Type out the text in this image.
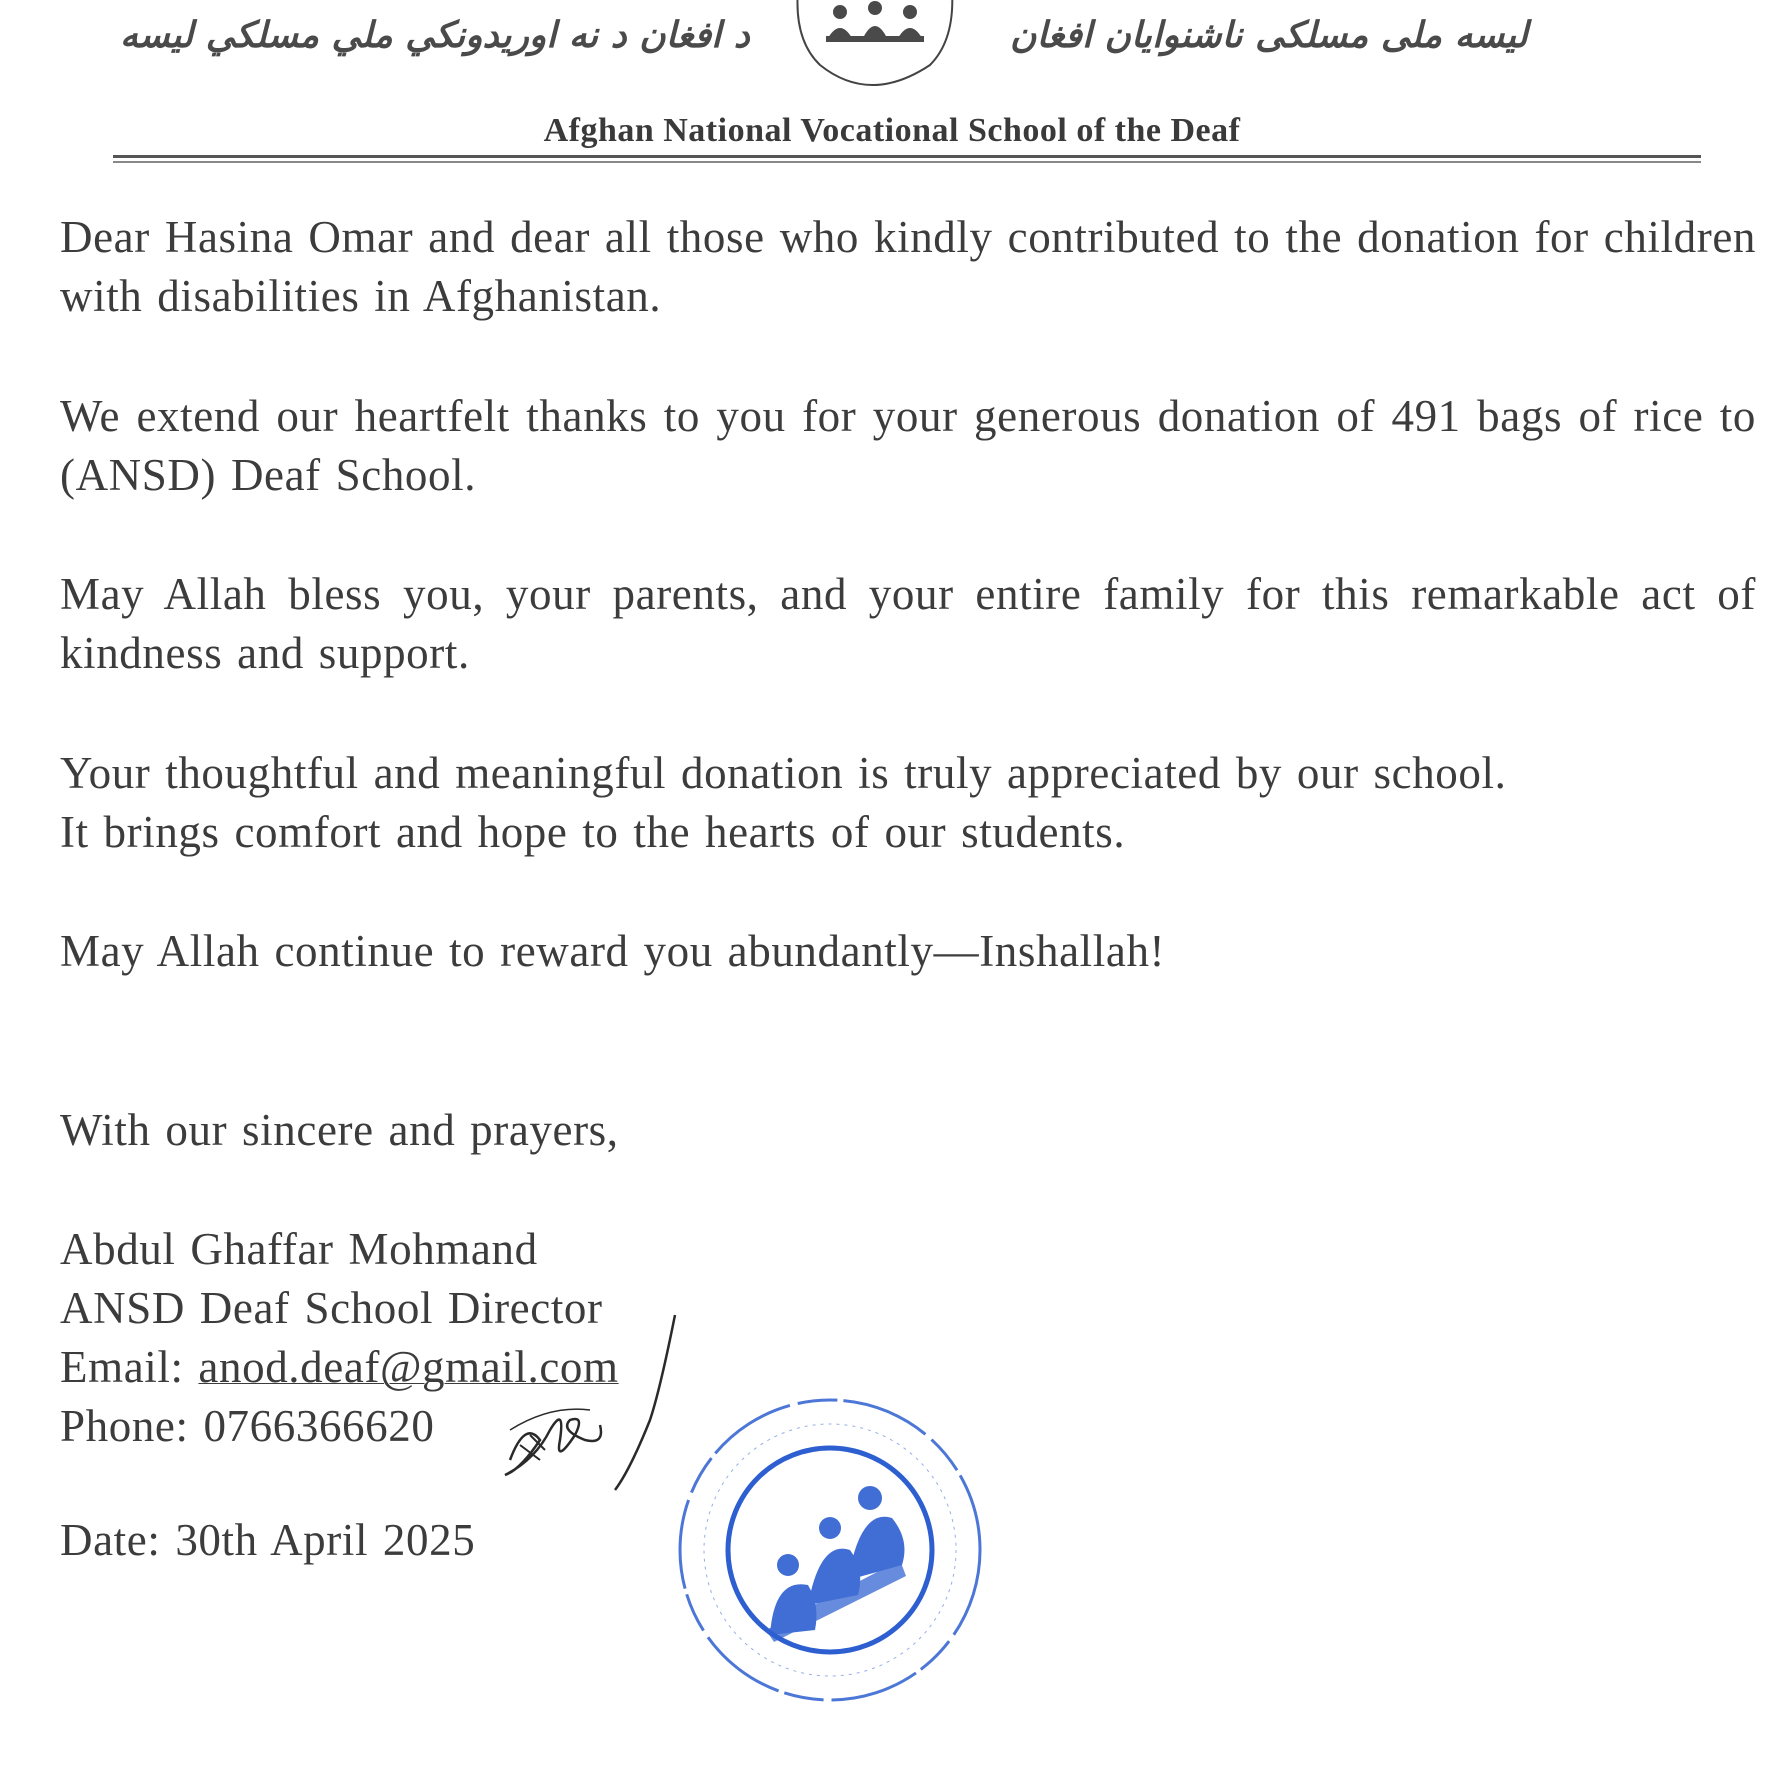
د افغان د نه اوریدونکي ملي مسلکي لیسه	لیسه ملی مسلکی ناشنوایان افغان
Afghan National Vocational School of the Deaf

Dear Hasina Omar and dear all those who kindly contributed to the donation for children with disabilities in Afghanistan.

We extend our heartfelt thanks to you for your generous donation of 491 bags of rice to (ANSD) Deaf School.

May Allah bless you, your parents, and your entire family for this remarkable act of kindness and support.

Your thoughtful and meaningful donation is truly appreciated by our school.
It brings comfort and hope to the hearts of our students.

May Allah continue to reward you abundantly—Inshallah!

With our sincere and prayers,

Abdul Ghaffar Mohmand
ANSD Deaf School Director
Email: anod.deaf@gmail.com
Phone: 0766366620
Date: 30th April 2025
